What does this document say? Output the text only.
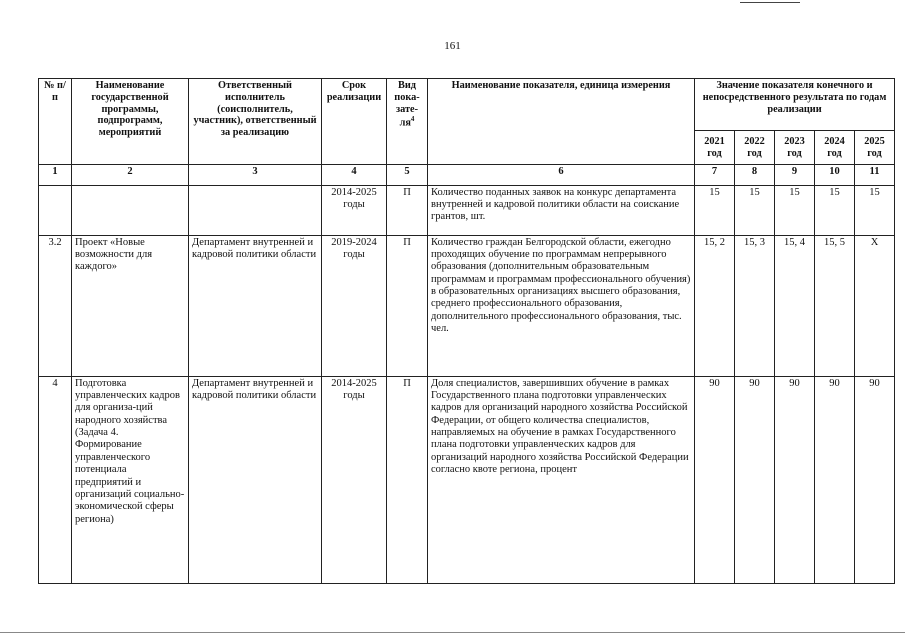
161
№ п/п	Наименование государственной программы, подпрограмм, мероприятий	Ответственный исполнитель (соисполнитель, участник), ответственный за реализацию	Срок реализации	Вид пока-$зате-ля^4$	Наименование показателя, единица измерения	Значение показателя конечного и непосредственного результата по годам реализации				
						2021 год	2022 год	2023 год	2024 год	2025 год
1	2	3	4	5	6	7	8	9	10	11
			2014-2025 годы	П	Количество поданных заявок на конкурс департамента внутренней и кадровой политики области на соискание грантов, шт.	15	15	15	15	15
3.2	Проект «Новые возможности для каждого»	Департамент внутренней и кадровой политики области	2019-2024 годы	П	Количество граждан Белгородской области, ежегодно проходящих обучение по программам непрерывного образования (дополнительным образовательным программам и программам профессионального обучения) в образовательных организациях высшего образования, среднего профессионального образования, дополнительного профессионального образования, тыс. чел.	15, 2	15, 3	15, 4	15, 5	Х
4	Подготовка управленческих кадров для организа-ций народного хозяйства (Задача 4. Формирование управленческого потенциала предприятий и организаций социально-экономической сферы региона)	Департамент внутренней и кадровой политики области	2014-2025 годы	П	Доля специалистов, завершивших обучение в рамках Государственного плана подготовки управленческих кадров для организаций народного хозяйства Российской Федерации, от общего количества специалистов, направляемых на обучение в рамках Государственного плана подготовки управленческих кадров для организаций народного хозяйства Российской Федерации согласно квоте региона, процент	90	90	90	90	90
